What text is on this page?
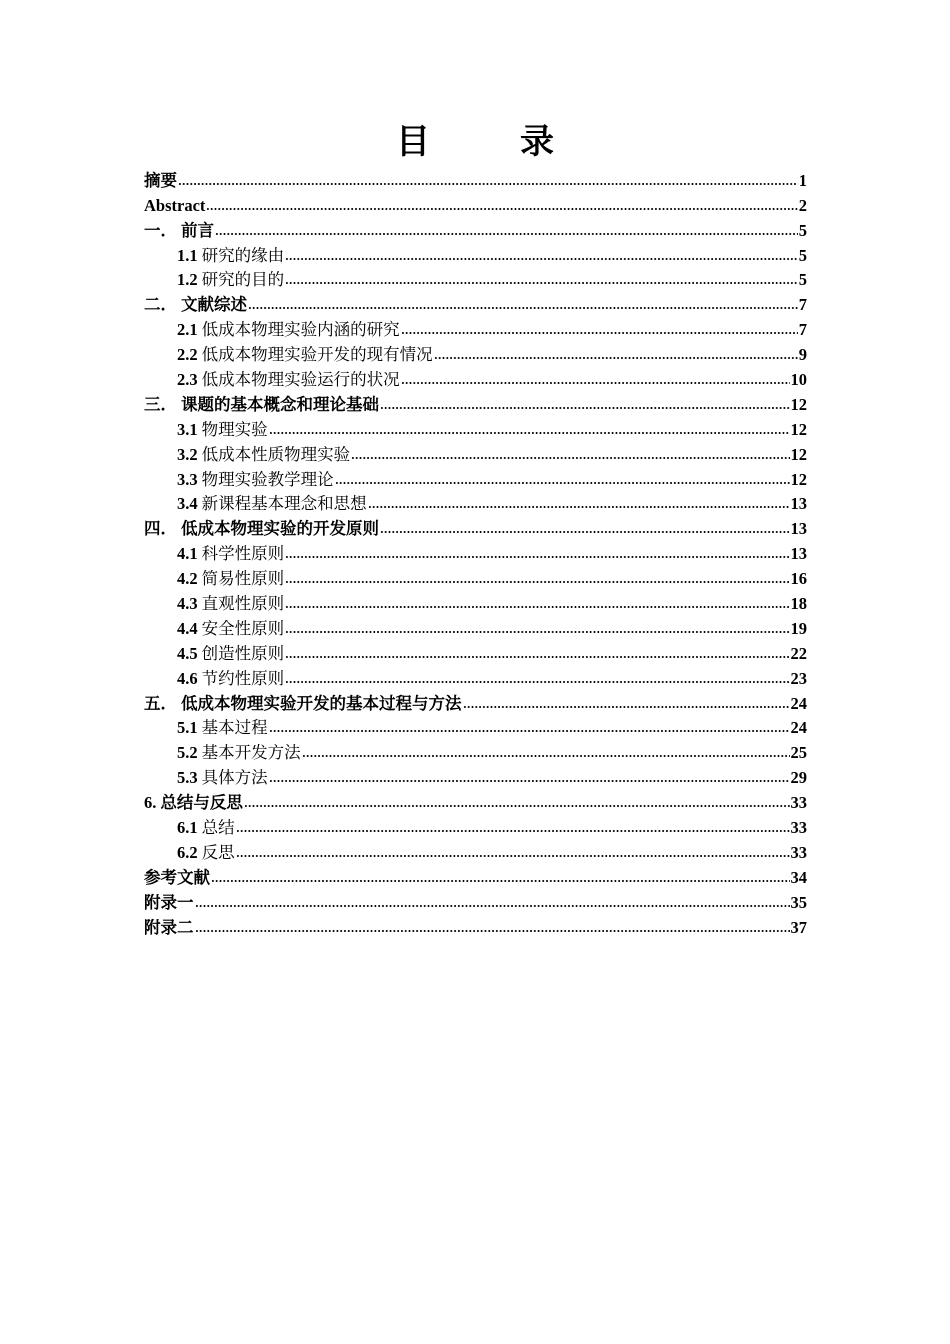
目　录
摘要	1
Abstract	2
一． 前言	5
1.1 研究的缘由	5
1.2 研究的目的	5
二． 文献综述	7
2.1 低成本物理实验内涵的研究	7
2.2 低成本物理实验开发的现有情况	9
2.3 低成本物理实验运行的状况	10
三． 课题的基本概念和理论基础	12
3.1 物理实验	12
3.2 低成本性质物理实验	12
3.3 物理实验教学理论	12
3.4 新课程基本理念和思想	13
四． 低成本物理实验的开发原则	13
4.1 科学性原则	13
4.2 简易性原则	16
4.3 直观性原则	18
4.4 安全性原则	19
4.5 创造性原则	22
4.6 节约性原则	23
五． 低成本物理实验开发的基本过程与方法	24
5.1 基本过程	24
5.2 基本开发方法	25
5.3 具体方法	29
6. 总结与反思	33
6.1 总结	33
6.2 反思	33
参考文献	34
附录一	35
附录二	37
